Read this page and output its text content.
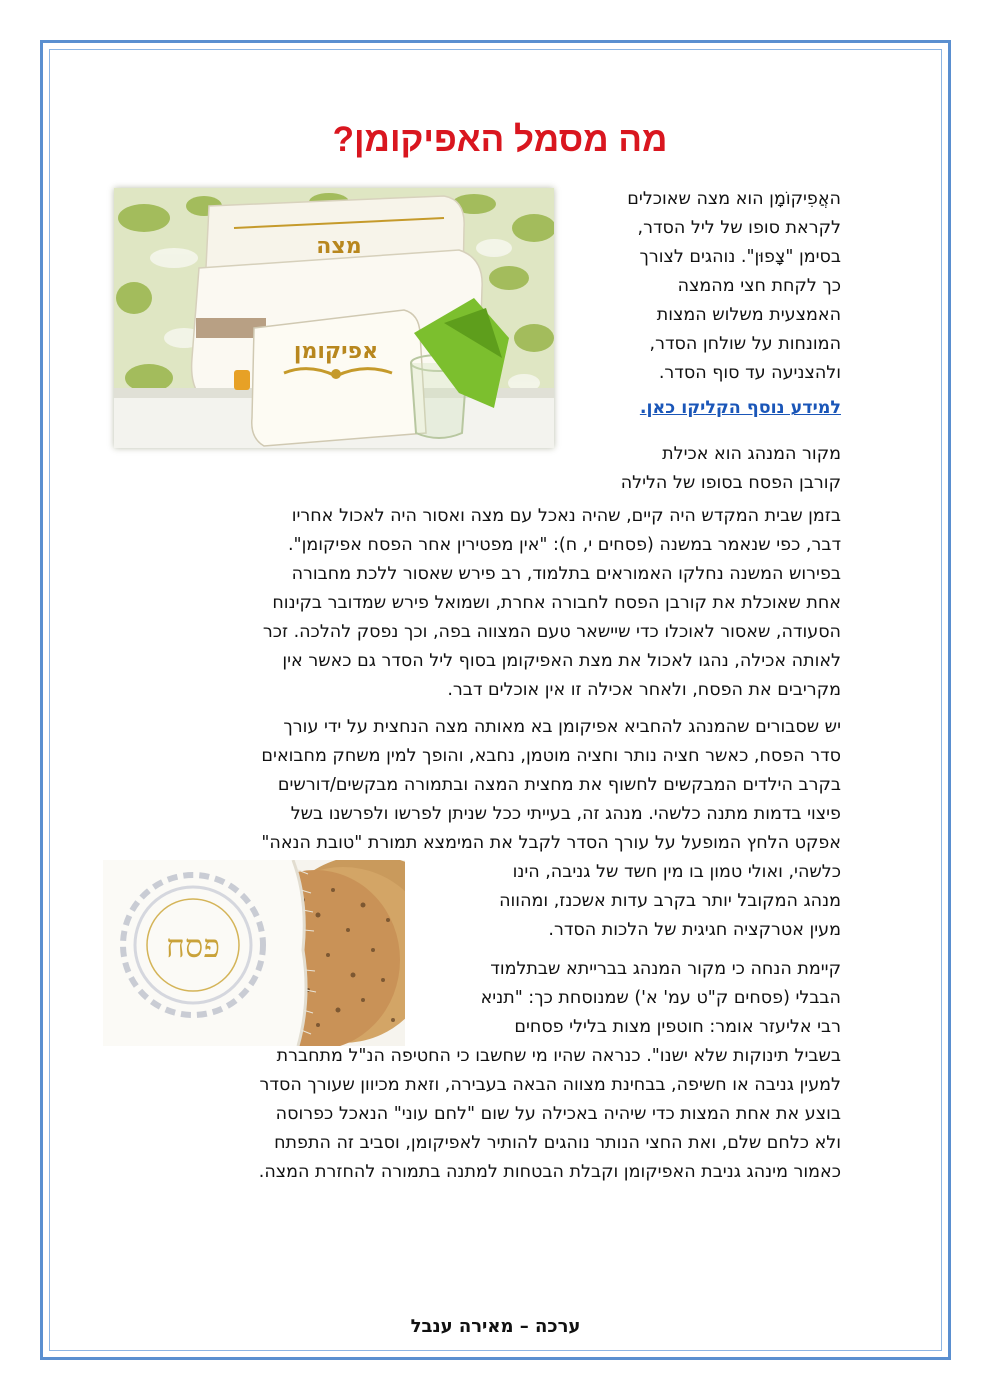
מה מסמל האפיקומן?
האֲפִיקוֹמָן הוא מצה שאוכלים
לקראת סופו של ליל הסדר,
בסימן "צָפוּן". נוהגים לצורך
כך לקחת חצי מהמצה
האמצעית משלוש המצות
המונחות על שולחן הסדר,
ולהצניעה עד סוף הסדר.
למידע נוסף הקליקו כאן.
מצה
אפיקומן
מקור המנהג הוא אכילת
קורבן הפסח בסופו של הלילה
בזמן שבית המקדש היה קיים, שהיה נאכל עם מצה ואסור היה לאכול אחריו
דבר, כפי שנאמר במשנה (פסחים י, ח): "אין מפטירין אחר הפסח אפיקומן".
בפירוש המשנה נחלקו האמוראים בתלמוד, רב פירש שאסור ללכת מחבורה
אחת שאוכלת את קורבן הפסח לחבורה אחרת, ושמואל פירש שמדובר בקינוח
הסעודה, שאסור לאוכלו כדי שיישאר טעם המצווה בפה, וכך נפסק להלכה. זכר
לאותה אכילה, נהגו לאכול את מצת האפיקומן בסוף ליל הסדר גם כאשר אין
מקריבים את הפסח, ולאחר אכילה זו אין אוכלים דבר.
יש שסבורים שהמנהג להחביא אפיקומן בא מאותה מצה הנחצית על ידי עורך
סדר הפסח, כאשר חציה נותר וחציה מוטמן, נחבא, והופך למין משחק מחבואים
בקרב הילדים המבקשים לחשוף את מחצית המצה ובתמורה מבקשים/דורשים
פיצוי בדמות מתנה כלשהי. מנהג זה, בעייתי ככל שניתן לפרשו ולפרשנו בשל
אפקט הלחץ המופעל על עורך הסדר לקבל את המימצא תמורת "טובת הנאה"
כלשהי, ואולי טמון בו מין חשד של גניבה, הינו
מנהג המקובל יותר בקרב עדות אשכנז, ומהווה
מעין אטרקציה חגיגית של הלכות הסדר.
פסח
קיימת הנחה כי מקור המנהג בברייתא שבתלמוד
הבבלי (פסחים ק"ט עמ' א') שמנוסחת כך: "תניא
רבי אליעזר אומר: חוטפין מצות בלילי פסחים
בשביל תינוקות שלא ישנו". כנראה שהיו מי שחשבו כי החטיפה הנ"ל מתחברת
למעין גניבה או חשיפה, בבחינת מצווה הבאה בעבירה, וזאת מכיוון שעורך הסדר
בוצע את אחת המצות כדי שיהיה באכילה על שום "לחם עוני" הנאכל כפרוסה
ולא כלחם שלם, ואת החצי הנותר נוהגים להותיר לאפיקומן, וסביב זה התפתח
כאמור מינהג גניבת האפיקומן וקבלת הבטחות למתנה בתמורה להחזרת המצה.
ערכה – מאירה ענבל
